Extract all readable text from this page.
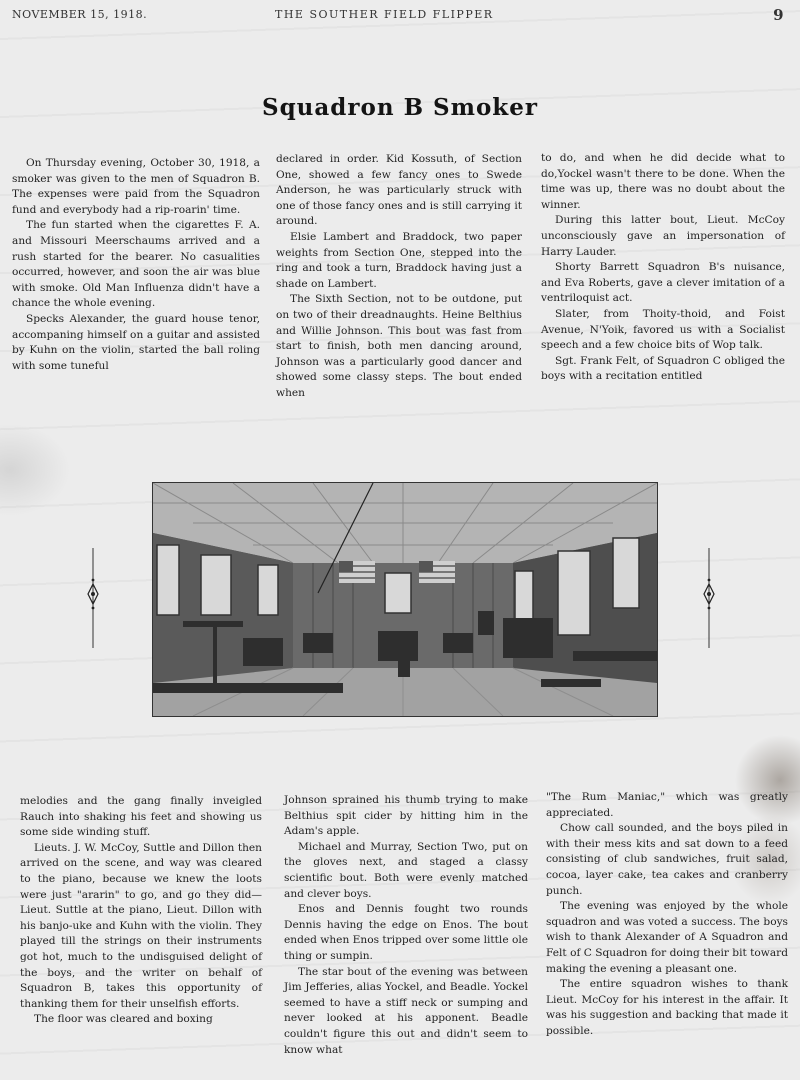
NOVEMBER 15, 1918.	THE SOUTHER FIELD FLIPPER	9
Squadron B Smoker

On Thursday evening, October 30, 1918, a smoker was given to the men of Squadron B. The expenses were paid from the Squadron fund and everybody had a rip-roarin' time.

The fun started when the cigarettes F. A. and Missouri Meerschaums arrived and a rush started for the bearer. No casualities occurred, however, and soon the air was blue with smoke. Old Man Influenza didn't have a chance the whole evening.

Specks Alexander, the guard house tenor, accompaning himself on a guitar and assisted by Kuhn on the violin, started the ball roling with some tuneful

declared in order. Kid Kossuth, of Section One, showed a few fancy ones to Swede Anderson, he was particularly struck with one of those fancy ones and is still carrying it around.

Elsie Lambert and Braddock, two paper weights from Section One, stepped into the ring and took a turn, Braddock having just a shade on Lambert.

The Sixth Section, not to be outdone, put on two of their dreadnaughts. Heine Belthius and Willie Johnson. This bout was fast from start to finish, both men dancing around, Johnson was a particularly good dancer and showed some classy steps. The bout ended when

to do, and when he did decide what to do,Yockel wasn't there to be done. When the time was up, there was no doubt about the winner.

During this latter bout, Lieut. McCoy unconsciously gave an impersonation of Harry Lauder.

Shorty Barrett Squadron B's nuisance, and Eva Roberts, gave a clever imitation of a ventriloquist act.

Slater, from Thoity-thoid, and Foist Avenue, N'Yoik, favored us with a Socialist speech and a few choice bits of Wop talk.

Sgt. Frank Felt, of Squadron C obliged the boys with a recitation entitled

melodies and the gang finally inveigled Rauch into shaking his feet and showing us some side winding stuff.

Lieuts. J. W. McCoy, Suttle and Dillon then arrived on the scene, and way was cleared to the piano, because we knew the loots were just "ararin" to go, and go they did—Lieut. Suttle at the piano, Lieut. Dillon with his banjo-uke and Kuhn with the violin. They played till the strings on their instruments got hot, much to the undisguised delight of the boys, and the writer on behalf of Squadron B, takes this opportunity of thanking them for their unselfish efforts.

The floor was cleared and boxing

Johnson sprained his thumb trying to make Belthius spit cider by hitting him in the Adam's apple.

Michael and Murray, Section Two, put on the gloves next, and staged a classy scientific bout. Both were evenly matched and clever boys.

Enos and Dennis fought two rounds Dennis having the edge on Enos. The bout ended when Enos tripped over some little ole thing or sumpin.

The star bout of the evening was between Jim Jefferies, alias Yockel, and Beadle. Yockel seemed to have a stiff neck or sumping and never looked at his apponent. Beadle couldn't figure this out and didn't seem to know what

"The Rum Maniac," which was greatly appreciated.

Chow call sounded, and the boys piled in with their mess kits and sat down to a feed consisting of club sandwiches, fruit salad, cocoa, layer cake, tea cakes and cranberry punch.

The evening was enjoyed by the whole squadron and was voted a success. The boys wish to thank Alexander of A Squadron and Felt of C Squadron for doing their bit toward making the evening a pleasant one.

The entire squadron wishes to thank Lieut. McCoy for his interest in the affair. It was his suggestion and backing that made it possible.
